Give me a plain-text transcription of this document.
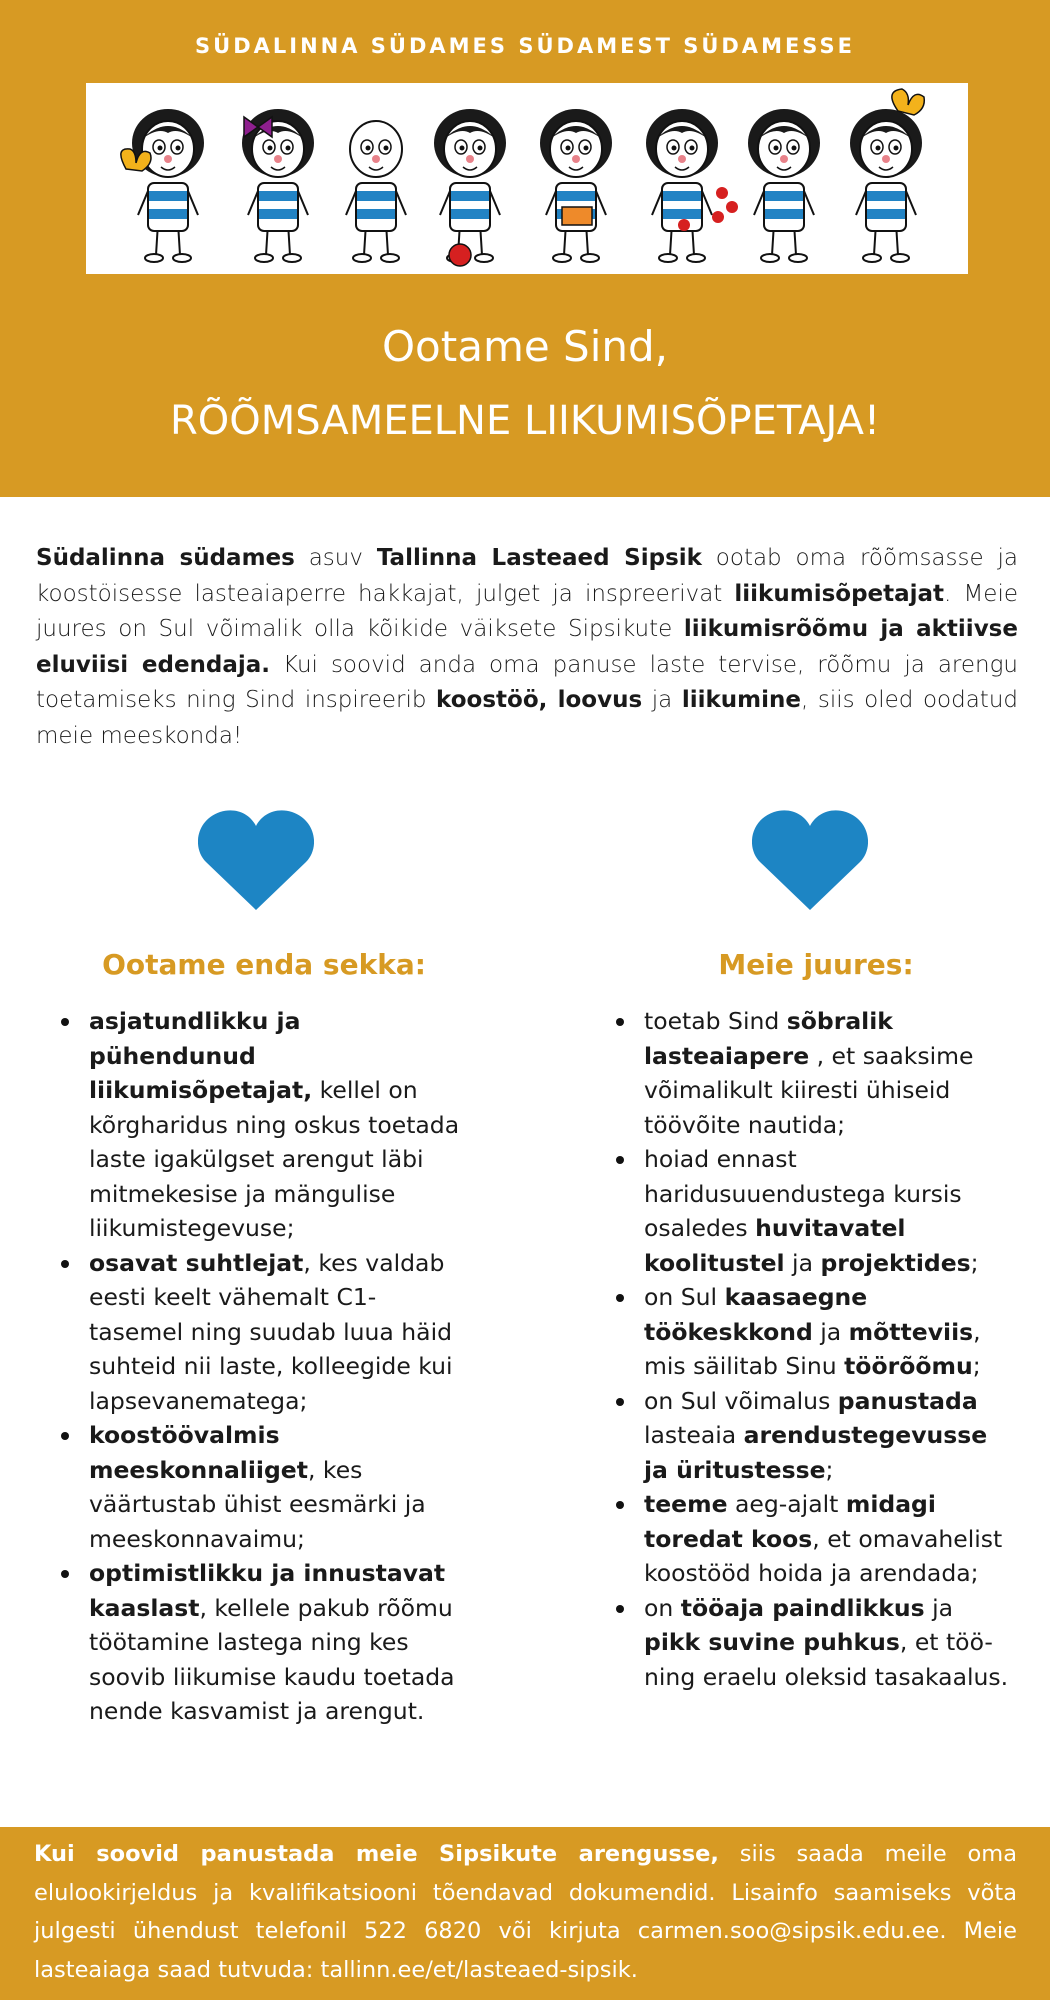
SÜDALINNA SÜDAMES SÜDAMEST SÜDAMESSE
Ootame Sind,
RÕÕMSAMEELNE LIIKUMISÕPETAJA!
Südalinna südames asuv Tallinna Lasteaed Sipsik ootab oma rõõmsasse ja koostöisesse lasteaiaperre hakkajat, julget ja inspreerivat liikumisõpetajat. Meie juures on Sul võimalik olla kõikide väiksete Sipsikute liikumisrõõmu ja aktiivse eluviisi edendaja. Kui soovid anda oma panuse laste tervise, rõõmu ja arengu toetamiseks ning Sind inspireerib koostöö, loovus ja liikumine, siis oled oodatud meie meeskonda!
Ootame enda sekka:	Meie juures:
asjatundlikku ja pühendunud liikumisõpetajat, kellel on kõrgharidus ning oskus toetada laste igakülgset arengut läbi mitmekesise ja mängulise liikumistegevuse;
osavat suhtlejat, kes valdab eesti keelt vähemalt C1-tasemel ning suudab luua häid suhteid nii laste, kolleegide kui lapsevanematega;
koostöövalmis meeskonnaliiget, kes väärtustab ühist eesmärki ja meeskonnavaimu;
optimistlikku ja innustavat kaaslast, kellele pakub rõõmu töötamine lastega ning kes soovib liikumise kaudu toetada nende kasvamist ja arengut.
toetab Sind sõbralik lasteaiapere , et saaksime võimalikult kiiresti ühiseid töövõite nautida;
hoiad ennast haridusuuendustega kursis osaledes huvitavatel koolitustel ja projektides;
on Sul kaasaegne töökeskkond ja mõtteviis, mis säilitab Sinu töörõõmu;
on Sul võimalus panustada lasteaia arendustegevusse ja üritustesse;
teeme aeg-ajalt midagi toredat koos, et omavahelist koostööd hoida ja arendada;
on tööaja paindlikkus ja pikk suvine puhkus, et töö- ning eraelu oleksid tasakaalus.
Kui soovid panustada meie Sipsikute arengusse, siis saada meile oma elulookirjeldus ja kvalifikatsiooni tõendavad dokumendid. Lisainfo saamiseks võta julgesti ühendust telefonil 522 6820 või kirjuta carmen.soo@sipsik.edu.ee. Meie lasteaiaga saad tutvuda: tallinn.ee/et/lasteaed-sipsik.
